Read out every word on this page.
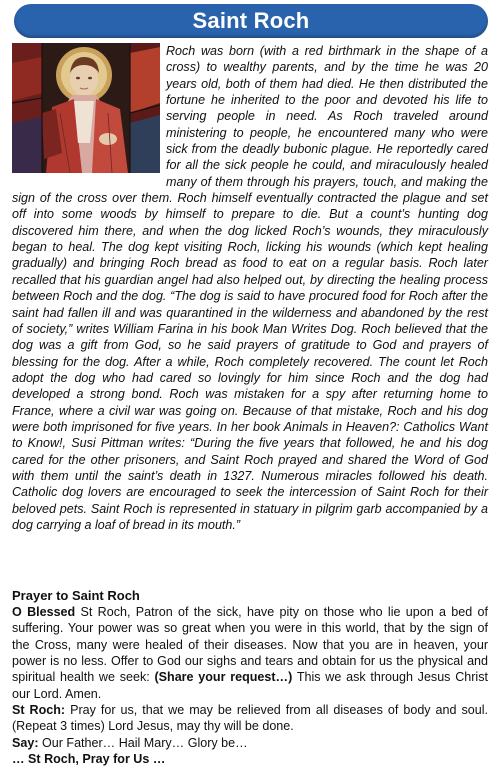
Saint Roch

Roch was born (with a red birthmark in the shape of a cross) to wealthy parents, and by the time he was 20 years old, both of them had died. He then distributed the fortune he inherited to the poor and devoted his life to serving people in need. As Roch traveled around ministering to people, he encountered many who were sick from the deadly bubonic plague. He reportedly cared for all the sick people he could, and miraculously healed many of them through his prayers, touch, and making the sign of the cross over them. Roch himself eventually contracted the plague and set off into some woods by himself to prepare to die. But a count’s hunting dog discovered him there, and when the dog licked Roch’s wounds, they miraculously began to heal. The dog kept visiting Roch, licking his wounds (which kept healing gradually) and bringing Roch bread as food to eat on a regular basis. Roch later recalled that his guardian angel had also helped out, by directing the healing process between Roch and the dog. “The dog is said to have procured food for Roch after the saint had fallen ill and was quarantined in the wilderness and abandoned by the rest of society,” writes William Farina in his book Man Writes Dog. Roch believed that the dog was a gift from God, so he said prayers of gratitude to God and prayers of blessing for the dog. After a while, Roch completely recovered. The count let Roch adopt the dog who had cared so lovingly for him since Roch and the dog had developed a strong bond. Roch was mistaken for a spy after returning home to France, where a civil war was going on. Because of that mistake, Roch and his dog were both imprisoned for five years. In her book Animals in Heaven?: Catholics Want to Know!, Susi Pittman writes: “During the five years that followed, he and his dog cared for the other prisoners, and Saint Roch prayed and shared the Word of God with them until the saint’s death in 1327. Numerous miracles followed his death. Catholic dog lovers are encouraged to seek the intercession of Saint Roch for their beloved pets. Saint Roch is represented in statuary in pilgrim garb accompanied by a dog carrying a loaf of bread in its mouth.”

Prayer to Saint Roch

O Blessed St Roch, Patron of the sick, have pity on those who lie upon a bed of suffering. Your power was so great when you were in this world, that by the sign of the Cross, many were healed of their diseases. Now that you are in heaven, your power is no less. Offer to God our sighs and tears and obtain for us the physical and spiritual health we seek: (Share your request…) This we ask through Jesus Christ our Lord. Amen.

St Roch: Pray for us, that we may be relieved from all diseases of body and soul. (Repeat 3 times) Lord Jesus, may thy will be done.

Say: Our Father… Hail Mary… Glory be…

… St Roch, Pray for Us …
